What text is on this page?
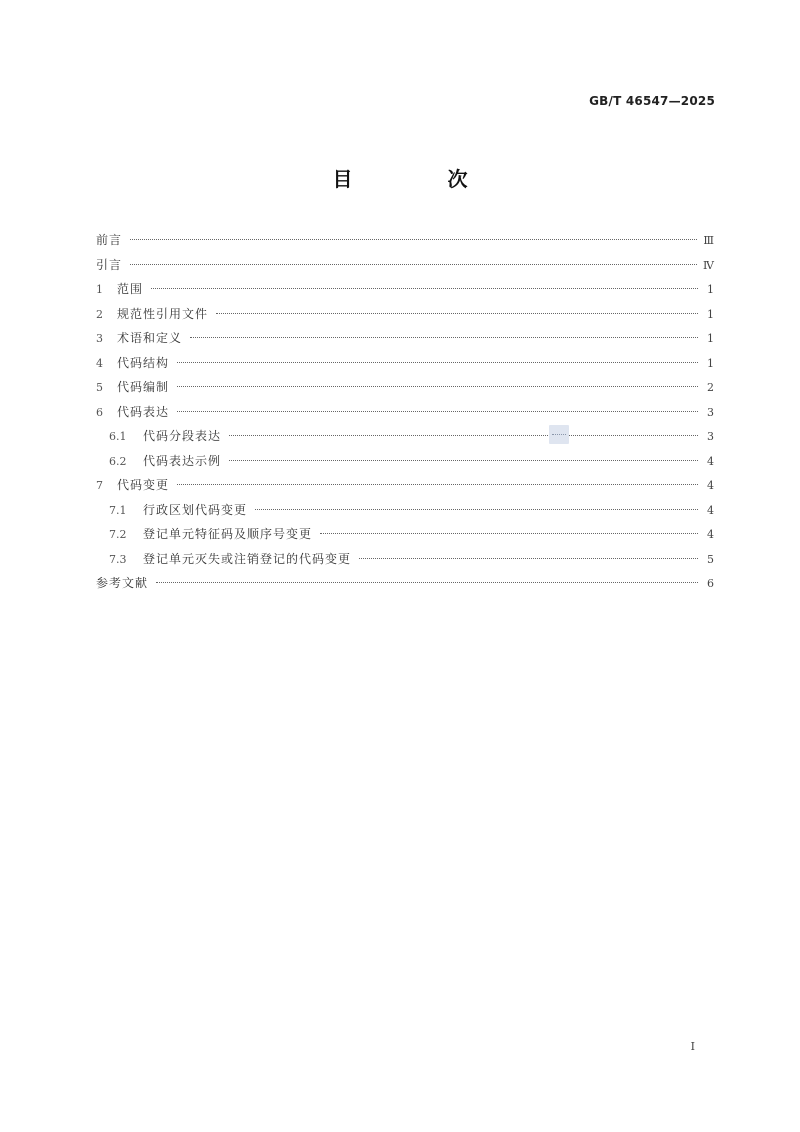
GB/T 46547—2025
目 次
前言	Ⅲ
引言	Ⅳ
1	范围	1
2	规范性引用文件	1
3	术语和定义	1
4	代码结构	1
5	代码编制	2
6	代码表达	3
6.1	代码分段表达	3
6.2	代码表达示例	4
7	代码变更	4
7.1	行政区划代码变更	4
7.2	登记单元特征码及顺序号变更	4
7.3	登记单元灭失或注销登记的代码变更	5
参考文献	6
I
